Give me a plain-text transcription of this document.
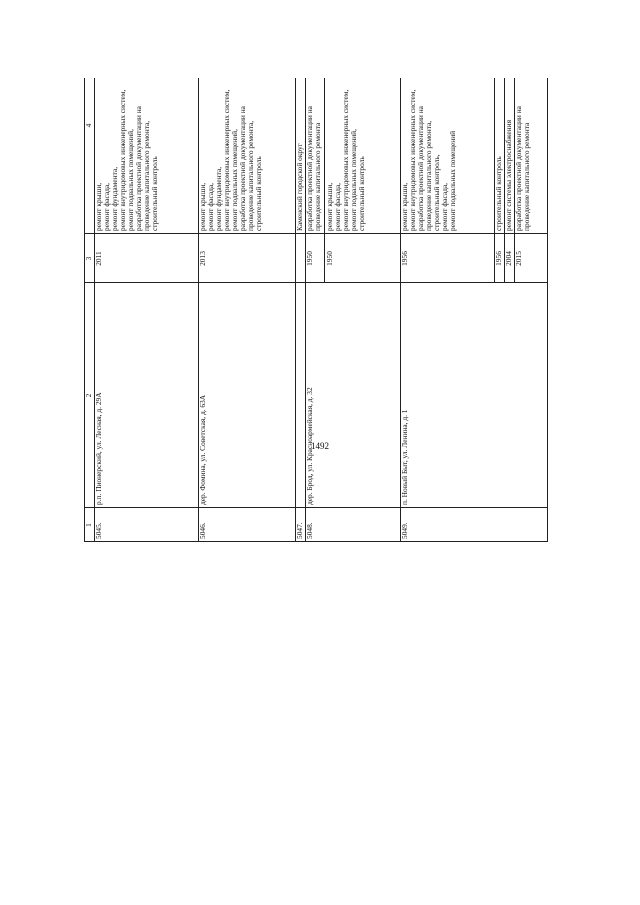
1492
1
2
3
4
5045.
р.п. Пионерский, ул. Лесная, д. 29А
2011
ремонт крыши, ремонт фасада, ремонт фундамента, ремонт внутридомовых инженерных систем, ремонт подвальных помещений, разработка проектной документации на проведение капитального ремонта, строительный контроль
5046.
дер. Фомина, ул. Советская, д. 63А
2013
ремонт крыши, ремонт фасада, ремонт фундамента, ремонт внутридомовых инженерных систем, ремонт подвальных помещений, разработка проектной документации на проведение капитального ремонта, строительный контроль
5047.
Каменский городской округ
5048.
дер. Брод, ул. Красноармейская, д. 32
1950
разработка проектной документации на проведение капитального ремонта
1950
ремонт крыши, ремонт фасада, ремонт внутридомовых инженерных систем, ремонт подвальных помещений, строительный контроль
5049.
п. Новый Быт, ул. Ленина, д. 1
1956
ремонт крыши, ремонт внутридомовых инженерных систем, разработка проектной документации на проведение капитального ремонта, строительный контроль, ремонт фасада, ремонт подвальных помещений
1956
строительный контроль
2004
ремонт системы электроснабжения
2015
разработка проектной документации на проведение капитального ремонта
